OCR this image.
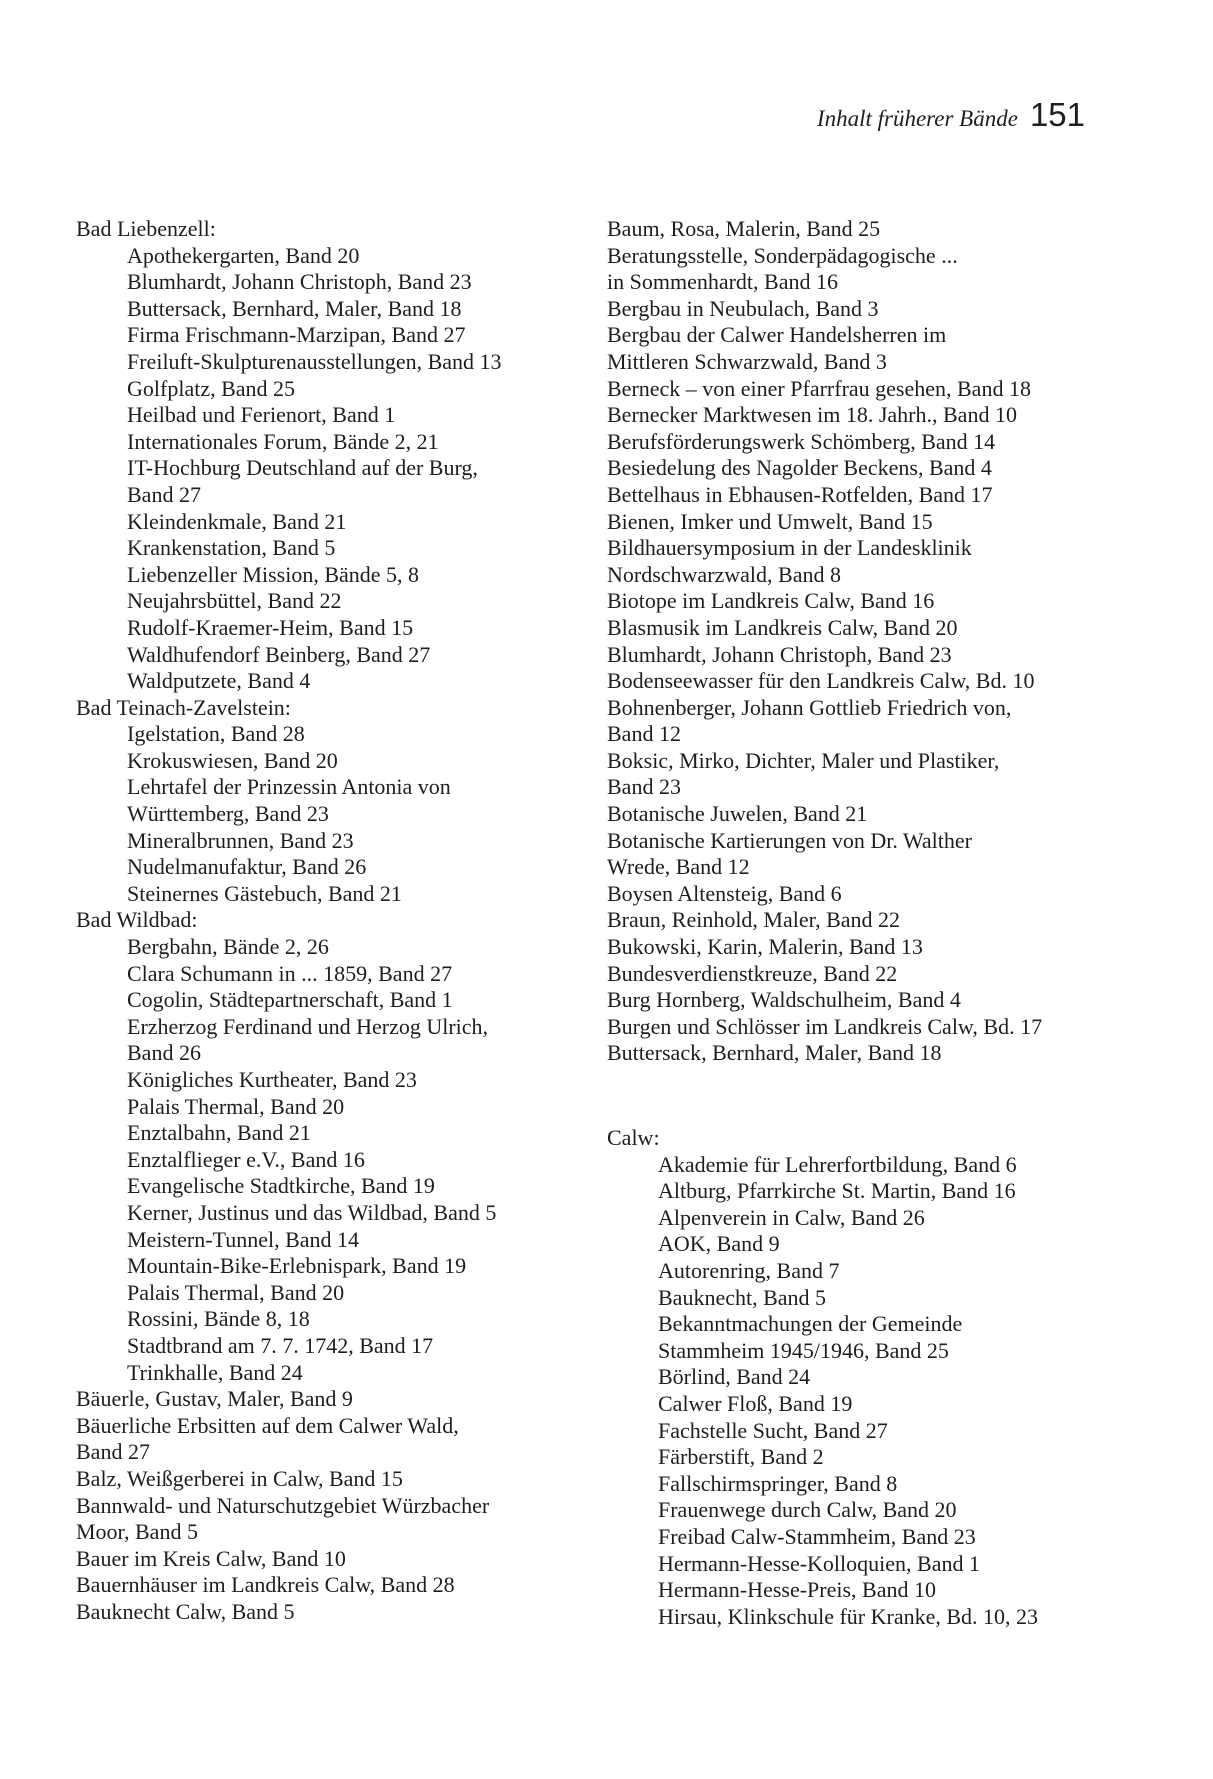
Inhalt früherer Bände 151
Bad Liebenzell:
Apothekergarten, Band 20
Blumhardt, Johann Christoph, Band 23
Buttersack, Bernhard, Maler, Band 18
Firma Frischmann-Marzipan, Band 27
Freiluft-Skulpturenausstellungen, Band 13
Golfplatz, Band 25
Heilbad und Ferienort, Band 1
Internationales Forum, Bände 2, 21
IT-Hochburg Deutschland auf der Burg,
Band 27
Kleindenkmale, Band 21
Krankenstation, Band 5
Liebenzeller Mission, Bände 5, 8
Neujahrsbüttel, Band 22
Rudolf-Kraemer-Heim, Band 15
Waldhufendorf Beinberg, Band 27
Waldputzete, Band 4
Bad Teinach-Zavelstein:
Igelstation, Band 28
Krokuswiesen, Band 20
Lehrtafel der Prinzessin Antonia von
Württemberg, Band 23
Mineralbrunnen, Band 23
Nudelmanufaktur, Band 26
Steinernes Gästebuch, Band 21
Bad Wildbad:
Bergbahn, Bände 2, 26
Clara Schumann in ... 1859, Band 27
Cogolin, Städtepartnerschaft, Band 1
Erzherzog Ferdinand und Herzog Ulrich,
Band 26
Königliches Kurtheater, Band 23
Palais Thermal, Band 20
Enztalbahn, Band 21
Enztalflieger e.V., Band 16
Evangelische Stadtkirche, Band 19
Kerner, Justinus und das Wildbad, Band 5
Meistern-Tunnel, Band 14
Mountain-Bike-Erlebnispark, Band 19
Palais Thermal, Band 20
Rossini, Bände 8, 18
Stadtbrand am 7. 7. 1742, Band 17
Trinkhalle, Band 24
Bäuerle, Gustav, Maler, Band 9
Bäuerliche Erbsitten auf dem Calwer Wald,
Band 27
Balz, Weißgerberei in Calw, Band 15
Bannwald- und Naturschutzgebiet Würzbacher
Moor, Band 5
Bauer im Kreis Calw, Band 10
Bauernhäuser im Landkreis Calw, Band 28
Bauknecht Calw, Band 5
Baum, Rosa, Malerin, Band 25
Beratungsstelle, Sonderpädagogische ...
in Sommenhardt, Band 16
Bergbau in Neubulach, Band 3
Bergbau der Calwer Handelsherren im
Mittleren Schwarzwald, Band 3
Berneck – von einer Pfarrfrau gesehen, Band 18
Bernecker Marktwesen im 18. Jahrh., Band 10
Berufsförderungswerk Schömberg, Band 14
Besiedelung des Nagolder Beckens, Band 4
Bettelhaus in Ebhausen-Rotfelden, Band 17
Bienen, Imker und Umwelt, Band 15
Bildhauersymposium in der Landesklinik
Nordschwarzwald, Band 8
Biotope im Landkreis Calw, Band 16
Blasmusik im Landkreis Calw, Band 20
Blumhardt, Johann Christoph, Band 23
Bodenseewasser für den Landkreis Calw, Bd. 10
Bohnenberger, Johann Gottlieb Friedrich von,
Band 12
Boksic, Mirko, Dichter, Maler und Plastiker,
Band 23
Botanische Juwelen, Band 21
Botanische Kartierungen von Dr. Walther
Wrede, Band 12
Boysen Altensteig, Band 6
Braun, Reinhold, Maler, Band 22
Bukowski, Karin, Malerin, Band 13
Bundesverdienstkreuze, Band 22
Burg Hornberg, Waldschulheim, Band 4
Burgen und Schlösser im Landkreis Calw, Bd. 17
Buttersack, Bernhard, Maler, Band 18
Calw:
Akademie für Lehrerfortbildung, Band 6
Altburg, Pfarrkirche St. Martin, Band 16
Alpenverein in Calw, Band 26
AOK, Band 9
Autorenring, Band 7
Bauknecht, Band 5
Bekanntmachungen der Gemeinde
Stammheim 1945/1946, Band 25
Börlind, Band 24
Calwer Floß, Band 19
Fachstelle Sucht, Band 27
Färberstift, Band 2
Fallschirmspringer, Band 8
Frauenwege durch Calw, Band 20
Freibad Calw-Stammheim, Band 23
Hermann-Hesse-Kolloquien, Band 1
Hermann-Hesse-Preis, Band 10
Hirsau, Klinkschule für Kranke, Bd. 10, 23
